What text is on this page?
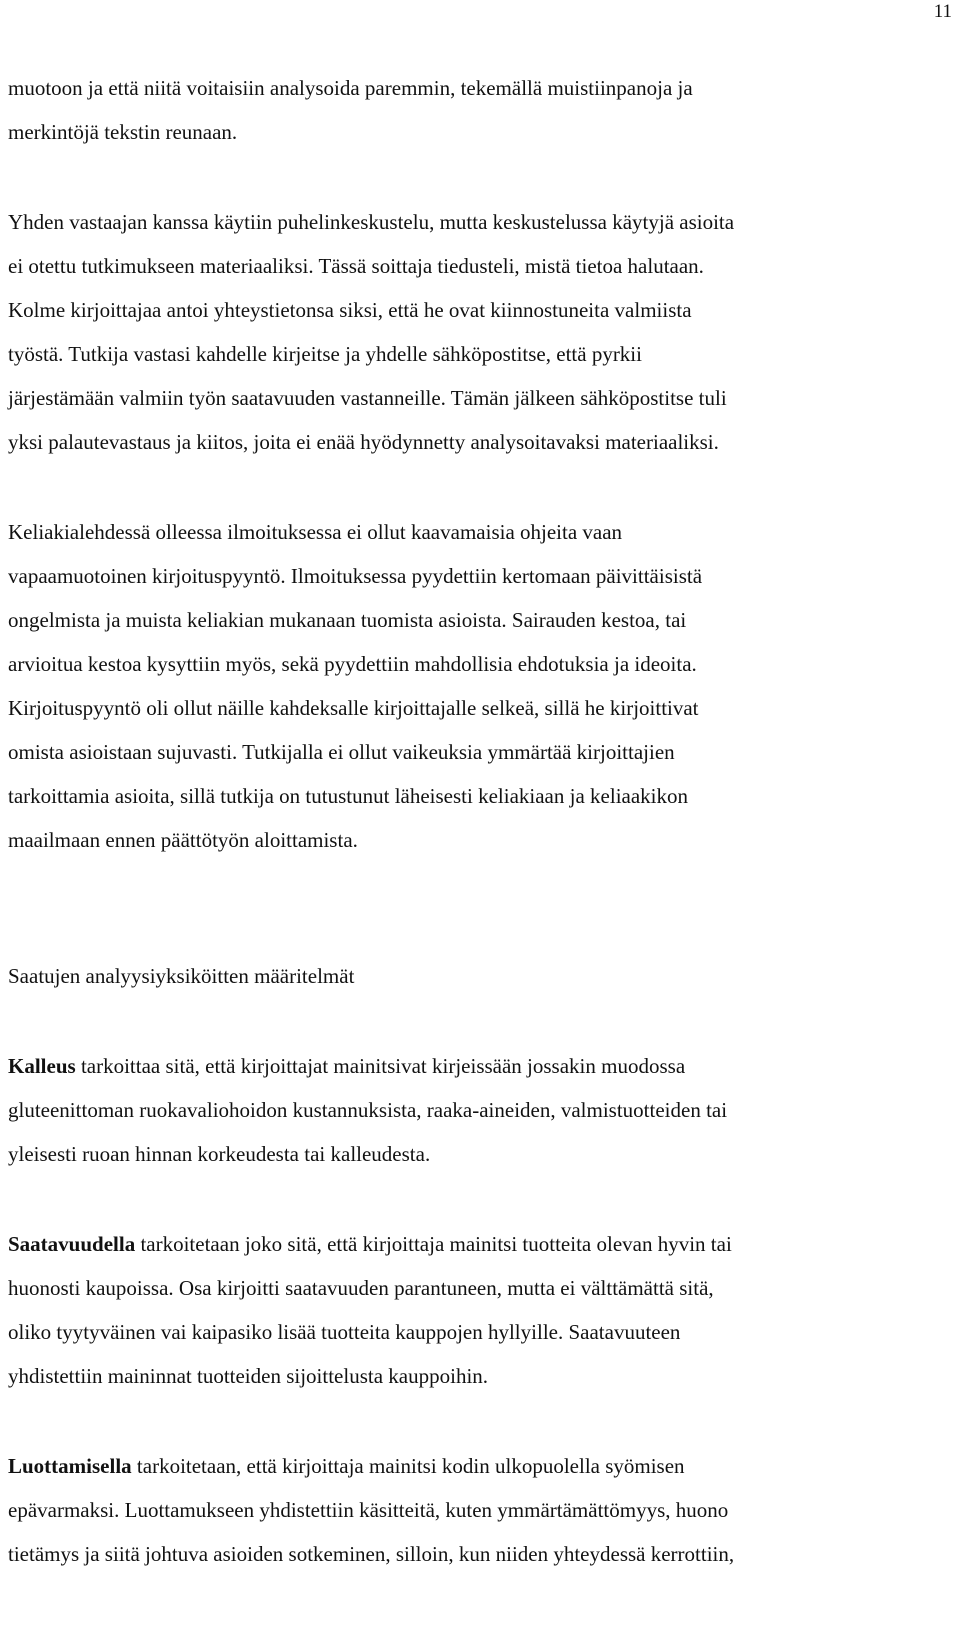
11
muotoon ja että niitä voitaisiin analysoida paremmin, tekemällä muistiinpanoja ja
merkintöjä tekstin reunaan.
Yhden vastaajan kanssa käytiin puhelinkeskustelu, mutta keskustelussa käytyjä asioita
ei otettu tutkimukseen materiaaliksi. Tässä soittaja tiedusteli, mistä tietoa halutaan.
Kolme kirjoittajaa antoi yhteystietonsa siksi, että he ovat kiinnostuneita valmiista
työstä. Tutkija vastasi kahdelle kirjeitse ja yhdelle sähköpostitse, että pyrkii
järjestämään valmiin työn saatavuuden vastanneille. Tämän jälkeen sähköpostitse tuli
yksi palautevastaus ja kiitos, joita ei enää hyödynnetty analysoitavaksi materiaaliksi.
Keliakialehdessä olleessa ilmoituksessa ei ollut kaavamaisia ohjeita vaan
vapaamuotoinen kirjoituspyyntö. Ilmoituksessa pyydettiin kertomaan päivittäisistä
ongelmista ja muista keliakian mukanaan tuomista asioista. Sairauden kestoa, tai
arvioitua kestoa kysyttiin myös, sekä pyydettiin mahdollisia ehdotuksia ja ideoita.
Kirjoituspyyntö oli ollut näille kahdeksalle kirjoittajalle selkeä, sillä he kirjoittivat
omista asioistaan sujuvasti. Tutkijalla ei ollut vaikeuksia ymmärtää kirjoittajien
tarkoittamia asioita, sillä tutkija on tutustunut läheisesti keliakiaan ja keliaakikon
maailmaan ennen päättötyön aloittamista.
Saatujen analyysiyksiköitten määritelmät
Kalleus tarkoittaa sitä, että kirjoittajat mainitsivat kirjeissään jossakin muodossa
gluteenittoman ruokavaliohoidon kustannuksista, raaka-aineiden, valmistuotteiden tai
yleisesti ruoan hinnan korkeudesta tai kalleudesta.
Saatavuudella tarkoitetaan joko sitä, että kirjoittaja mainitsi tuotteita olevan hyvin tai
huonosti kaupoissa. Osa kirjoitti saatavuuden parantuneen, mutta ei välttämättä sitä,
oliko tyytyväinen vai kaipasiko lisää tuotteita kauppojen hyllyille. Saatavuuteen
yhdistettiin maininnat tuotteiden sijoittelusta kauppoihin.
Luottamisella tarkoitetaan, että kirjoittaja mainitsi kodin ulkopuolella syömisen
epävarmaksi. Luottamukseen yhdistettiin käsitteitä, kuten ymmärtämättömyys, huono
tietämys ja siitä johtuva asioiden sotkeminen, silloin, kun niiden yhteydessä kerrottiin,
